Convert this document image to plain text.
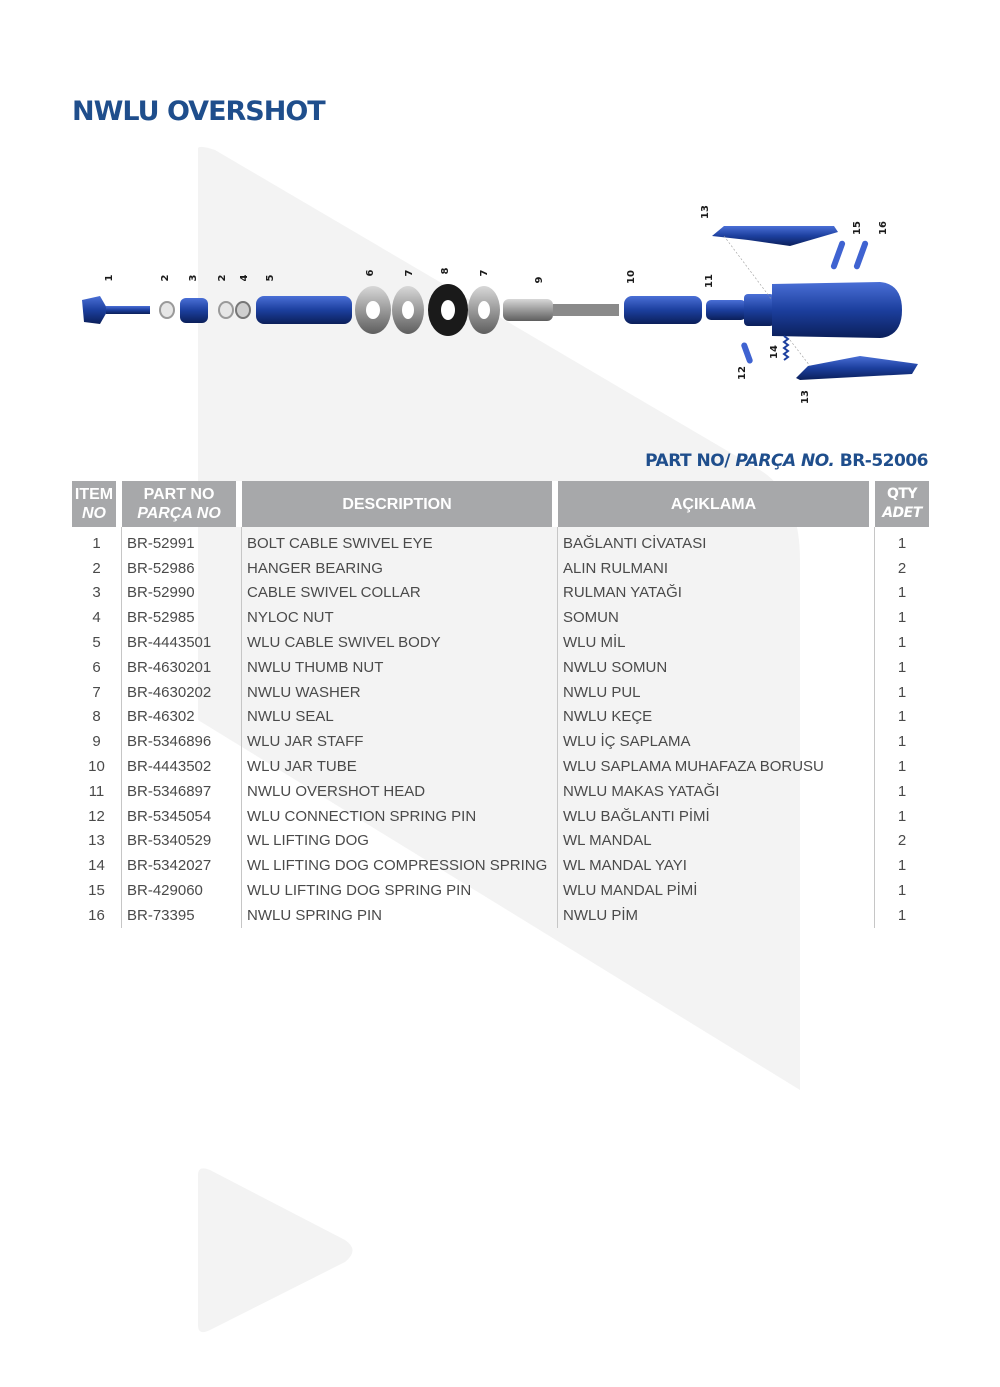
NWLU OVERSHOT
1	2 3 2 4 5
6	7	8	7
9	10	11
12
13
13
14
15 16
PART NO/ PARÇA NO. BR-52006
ITEM
NO	PART NO
PARÇA NO	DESCRIPTION	AÇIKLAMA	QTY
ADET

1	BR-52991	BOLT CABLE SWIVEL EYE	BAĞLANTI CİVATASI	1
2	BR-52986	HANGER BEARING	ALIN RULMANI	2
3	BR-52990	CABLE SWIVEL COLLAR	RULMAN YATAĞI	1
4	BR-52985	NYLOC NUT	SOMUN	1
5	BR-4443501	WLU CABLE SWIVEL BODY	WLU MİL	1
6	BR-4630201	NWLU THUMB NUT	NWLU SOMUN	1
7	BR-4630202	NWLU WASHER	NWLU PUL	1
8	BR-46302	NWLU SEAL	NWLU KEÇE	1
9	BR-5346896	WLU JAR STAFF	WLU İÇ SAPLAMA	1
10	BR-4443502	WLU JAR TUBE	WLU SAPLAMA MUHAFAZA BORUSU	1
11	BR-5346897	NWLU OVERSHOT HEAD	NWLU MAKAS YATAĞI	1
12	BR-5345054	WLU CONNECTION SPRING PIN	WLU BAĞLANTI PİMİ	1
13	BR-5340529	WL LIFTING DOG	WL MANDAL	2
14	BR-5342027	WL LIFTING DOG COMPRESSION SPRING	WL MANDAL YAYI	1
15	BR-429060	WLU LIFTING DOG SPRING PIN	WLU MANDAL PİMİ	1
16	BR-73395	NWLU SPRING PIN	NWLU PİM	1
